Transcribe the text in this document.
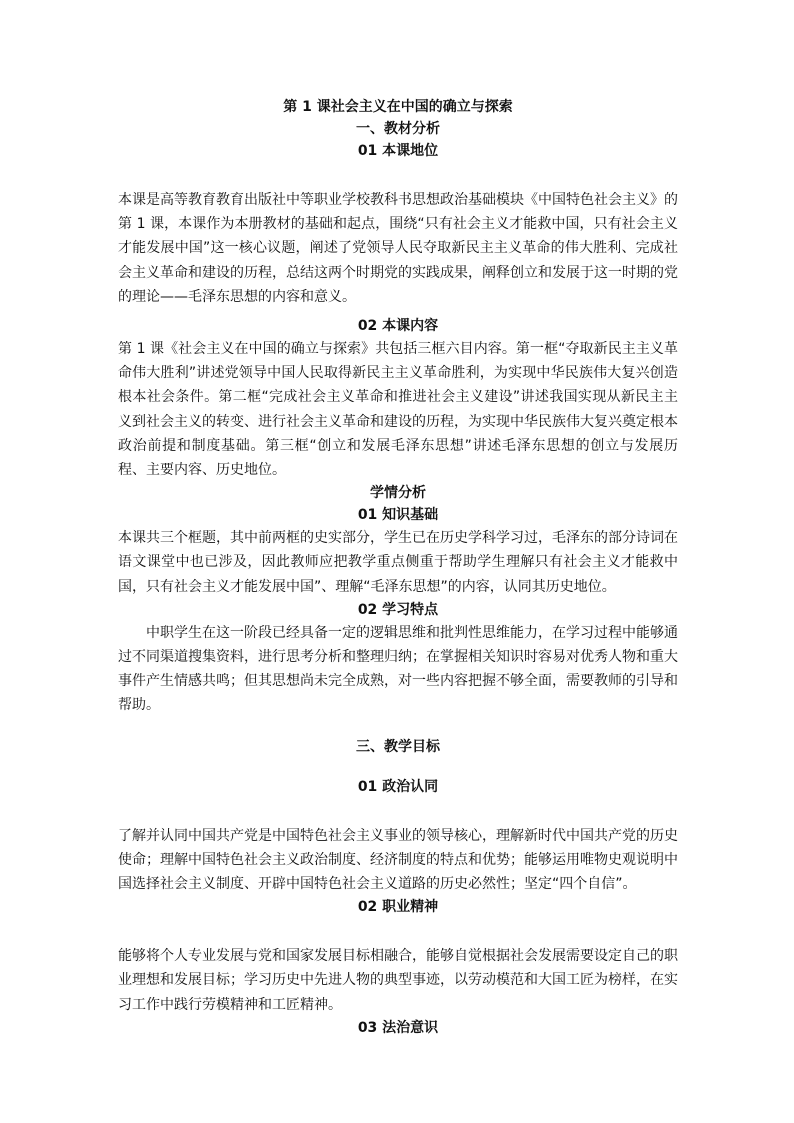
第 1 课社会主义在中国的确立与探索
一、教材分析
01 本课地位

本课是高等教育教育出版社中等职业学校教科书思想政治基础模块《中国特色社会主义》的第 1 课，本课作为本册教材的基础和起点，围绕“只有社会主义才能救中国，只有社会主义才能发展中国”这一核心议题，阐述了党领导人民夺取新民主主义革命的伟大胜利、完成社会主义革命和建设的历程，总结这两个时期党的实践成果，阐释创立和发展于这一时期的党的理论——毛泽东思想的内容和意义。

02 本课内容

第 1 课《社会主义在中国的确立与探索》共包括三框六目内容。第一框“夺取新民主主义革命伟大胜利”讲述党领导中国人民取得新民主主义革命胜利，为实现中华民族伟大复兴创造根本社会条件。第二框“完成社会主义革命和推进社会主义建设”讲述我国实现从新民主主义到社会主义的转变、进行社会主义革命和建设的历程，为实现中华民族伟大复兴奠定根本政治前提和制度基础。第三框“创立和发展毛泽东思想”讲述毛泽东思想的创立与发展历程、主要内容、历史地位。

学情分析
01 知识基础

本课共三个框题，其中前两框的史实部分，学生已在历史学科学习过，毛泽东的部分诗词在语文课堂中也已涉及，因此教师应把教学重点侧重于帮助学生理解只有社会主义才能救中国，只有社会主义才能发展中国”、理解“毛泽东思想”的内容，认同其历史地位。

02 学习特点

中职学生在这一阶段已经具备一定的逻辑思维和批判性思维能力，在学习过程中能够通过不同渠道搜集资料，进行思考分析和整理归纳；在掌握相关知识时容易对优秀人物和重大事件产生情感共鸣；但其思想尚未完全成熟，对一些内容把握不够全面，需要教师的引导和帮助。

三、教学目标
01 政治认同

了解并认同中国共产党是中国特色社会主义事业的领导核心，理解新时代中国共产党的历史使命；理解中国特色社会主义政治制度、经济制度的特点和优势；能够运用唯物史观说明中国选择社会主义制度、开辟中国特色社会主义道路的历史必然性；坚定“四个自信”。

02 职业精神

能够将个人专业发展与党和国家发展目标相融合，能够自觉根据社会发展需要设定自己的职业理想和发展目标；学习历史中先进人物的典型事迹，以劳动模范和大国工匠为榜样，在实习工作中践行劳模精神和工匠精神。

03 法治意识
